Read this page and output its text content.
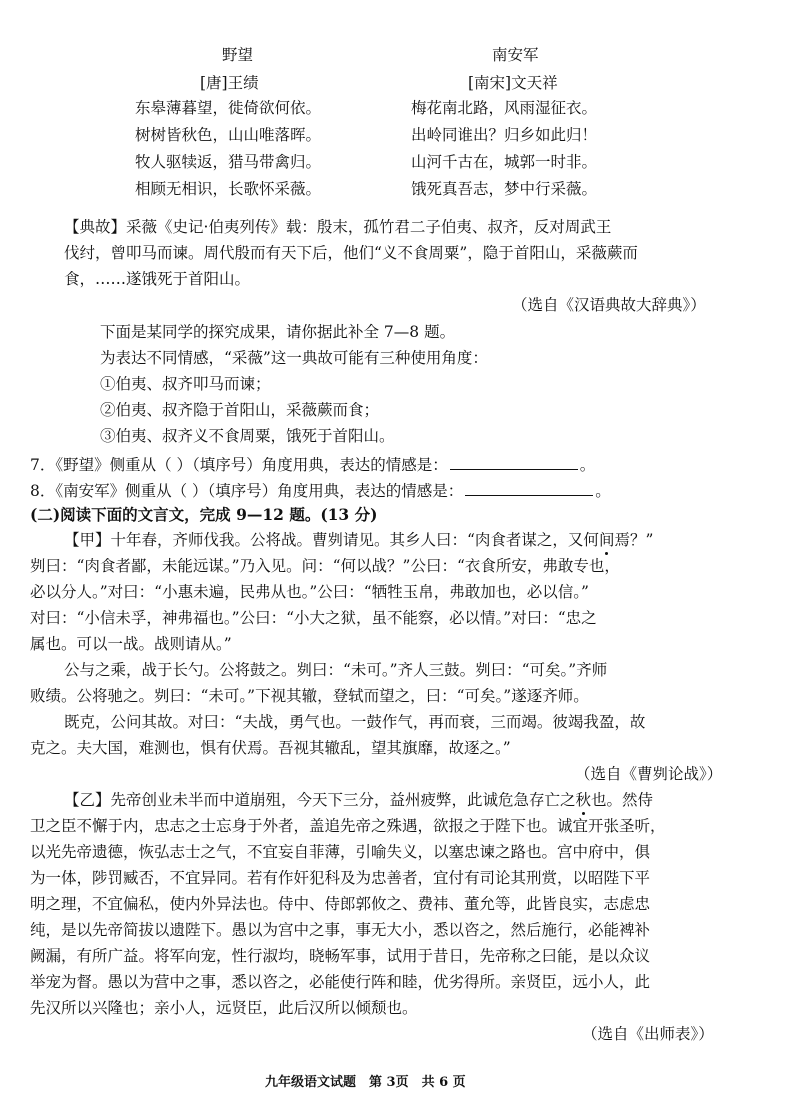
野望
[唐]王绩
东皋薄暮望，徙倚欲何依。
树树皆秋色，山山唯落晖。
牧人驱犊返，猎马带禽归。
相顾无相识，长歌怀采薇。
南安军
[南宋]文天祥
梅花南北路，风雨湿征衣。
出岭同谁出？归乡如此归！
山河千古在，城郭一时非。
饿死真吾志，梦中行采薇。
【典故】采薇《史记·伯夷列传》载：殷末，孤竹君二子伯夷、叔齐，反对周武王
伐纣，曾叩马而谏。周代殷而有天下后，他们“义不食周粟”，隐于首阳山，采薇蕨而
食，……遂饿死于首阳山。
（选自《汉语典故大辞典》）
下面是某同学的探究成果，请你据此补全 7—8 题。
为表达不同情感，“采薇”这一典故可能有三种使用角度：
①伯夷、叔齐叩马而谏；
②伯夷、叔齐隐于首阳山，采薇蕨而食；
③伯夷、叔齐义不食周粟，饿死于首阳山。
7．《野望》侧重从（ ）（填序号）角度用典，表达的情感是：	。
8．《南安军》侧重从（ ）（填序号）角度用典，表达的情感是：	。
(二)阅读下面的文言文，完成 9—12 题。(13 分)
【甲】十年春，齐师伐我。公将战。曹刿请见。其乡人曰：“肉食者谋之，又何间焉？”
刿曰：“肉食者鄙，未能远谋。”乃入见。问：“何以战？”公曰：“衣食所安，弗敢专也，
必以分人。”对曰：“小惠未遍，民弗从也。”公曰：“牺牲玉帛，弗敢加也，必以信。”
对曰：“小信未孚，神弗福也。”公曰：“小大之狱，虽不能察，必以情。”对曰：“忠之
属也。可以一战。战则请从。”
公与之乘，战于长勺。公将鼓之。刿曰：“未可。”齐人三鼓。刿曰：“可矣。”齐师
败绩。公将驰之。刿曰：“未可。”下视其辙，登轼而望之，曰：“可矣。”遂逐齐师。
既克，公问其故。对曰：“夫战，勇气也。一鼓作气，再而衰，三而竭。彼竭我盈，故
克之。夫大国，难测也，惧有伏焉。吾视其辙乱，望其旗靡，故逐之。”
（选自《曹刿论战》）
【乙】先帝创业未半而中道崩殂，今天下三分，益州疲弊，此诚危急存亡之秋也。然侍
卫之臣不懈于内，忠志之士忘身于外者，盖追先帝之殊遇，欲报之于陛下也。诚宜开张圣听，
以光先帝遗德，恢弘志士之气，不宜妄自菲薄，引喻失义，以塞忠谏之路也。宫中府中，俱
为一体，陟罚臧否，不宜异同。若有作奸犯科及为忠善者，宜付有司论其刑赏，以昭陛下平
明之理，不宜偏私，使内外异法也。侍中、侍郎郭攸之、费祎、董允等，此皆良实，志虑忠
纯，是以先帝简拔以遗陛下。愚以为宫中之事，事无大小，悉以咨之，然后施行，必能裨补
阙漏，有所广益。将军向宠，性行淑均，晓畅军事，试用于昔日，先帝称之曰能，是以众议
举宠为督。愚以为营中之事，悉以咨之，必能使行阵和睦，优劣得所。亲贤臣，远小人，此
先汉所以兴隆也；亲小人，远贤臣，此后汉所以倾颓也。
（选自《出师表》）
九年级语文试题　第 3页　共 6 页
